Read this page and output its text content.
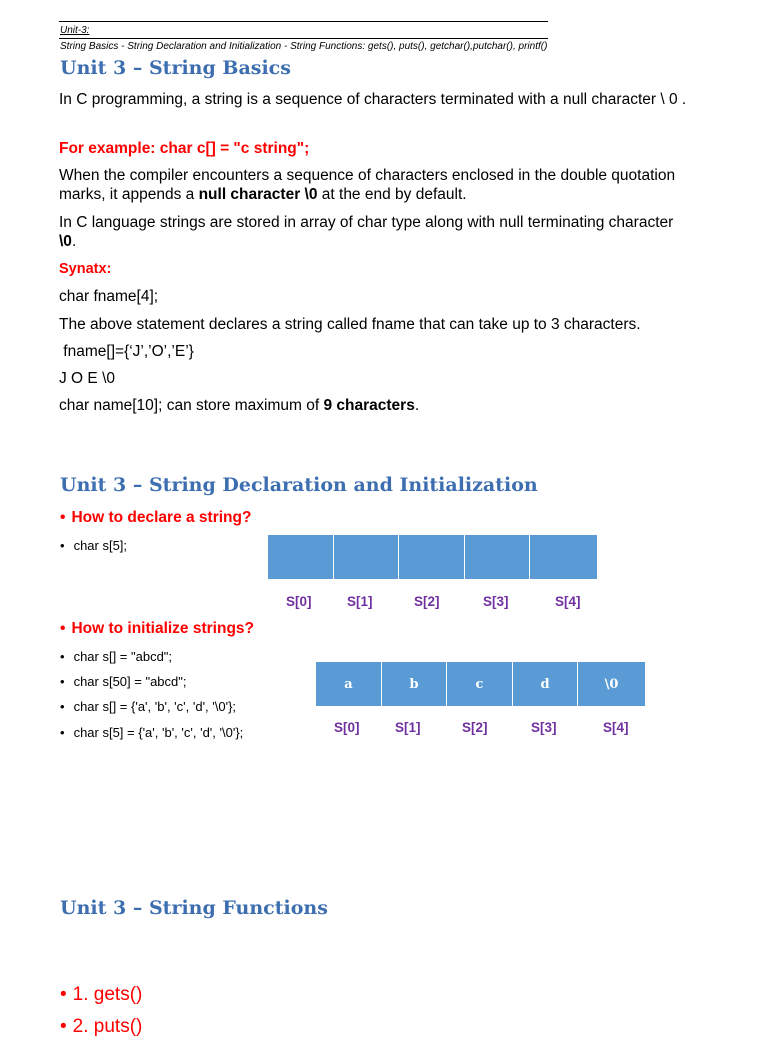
Unit-3:
String Basics - String Declaration and Initialization - String Functions: gets(), puts(), getchar(),putchar(), printf()
Unit 3 – String Basics
In C programming, a string is a sequence of characters terminated with a null character \ 0 .
For example: char c[] = "c string";
When the compiler encounters a sequence of characters enclosed in the double quotation marks, it appends a null character \0 at the end by default.
In C language strings are stored in array of char type along with null terminating character \0.
Synatx:
char fname[4];
The above statement declares a string called fname that can take up to 3 characters.
fname[]={‘J’,’O’,’E’}
J O E \0
char name[10]; can store maximum of 9 characters.
Unit 3 – String Declaration and Initialization
• How to declare a string?
• char s[5];
S[0]	S[1]	S[2]	S[3]	S[4]
• How to initialize strings?
• char s[] = "abcd";
• char s[50] = "abcd";
• char s[] = {'a', 'b', 'c', 'd', '\0'};
• char s[5] = {'a', 'b', 'c', 'd', '\0'};
a	b	c	d	\0
S[0]	S[1]	S[2]	S[3]	S[4]
Unit 3 – String Functions
• 1. gets()
• 2. puts()
